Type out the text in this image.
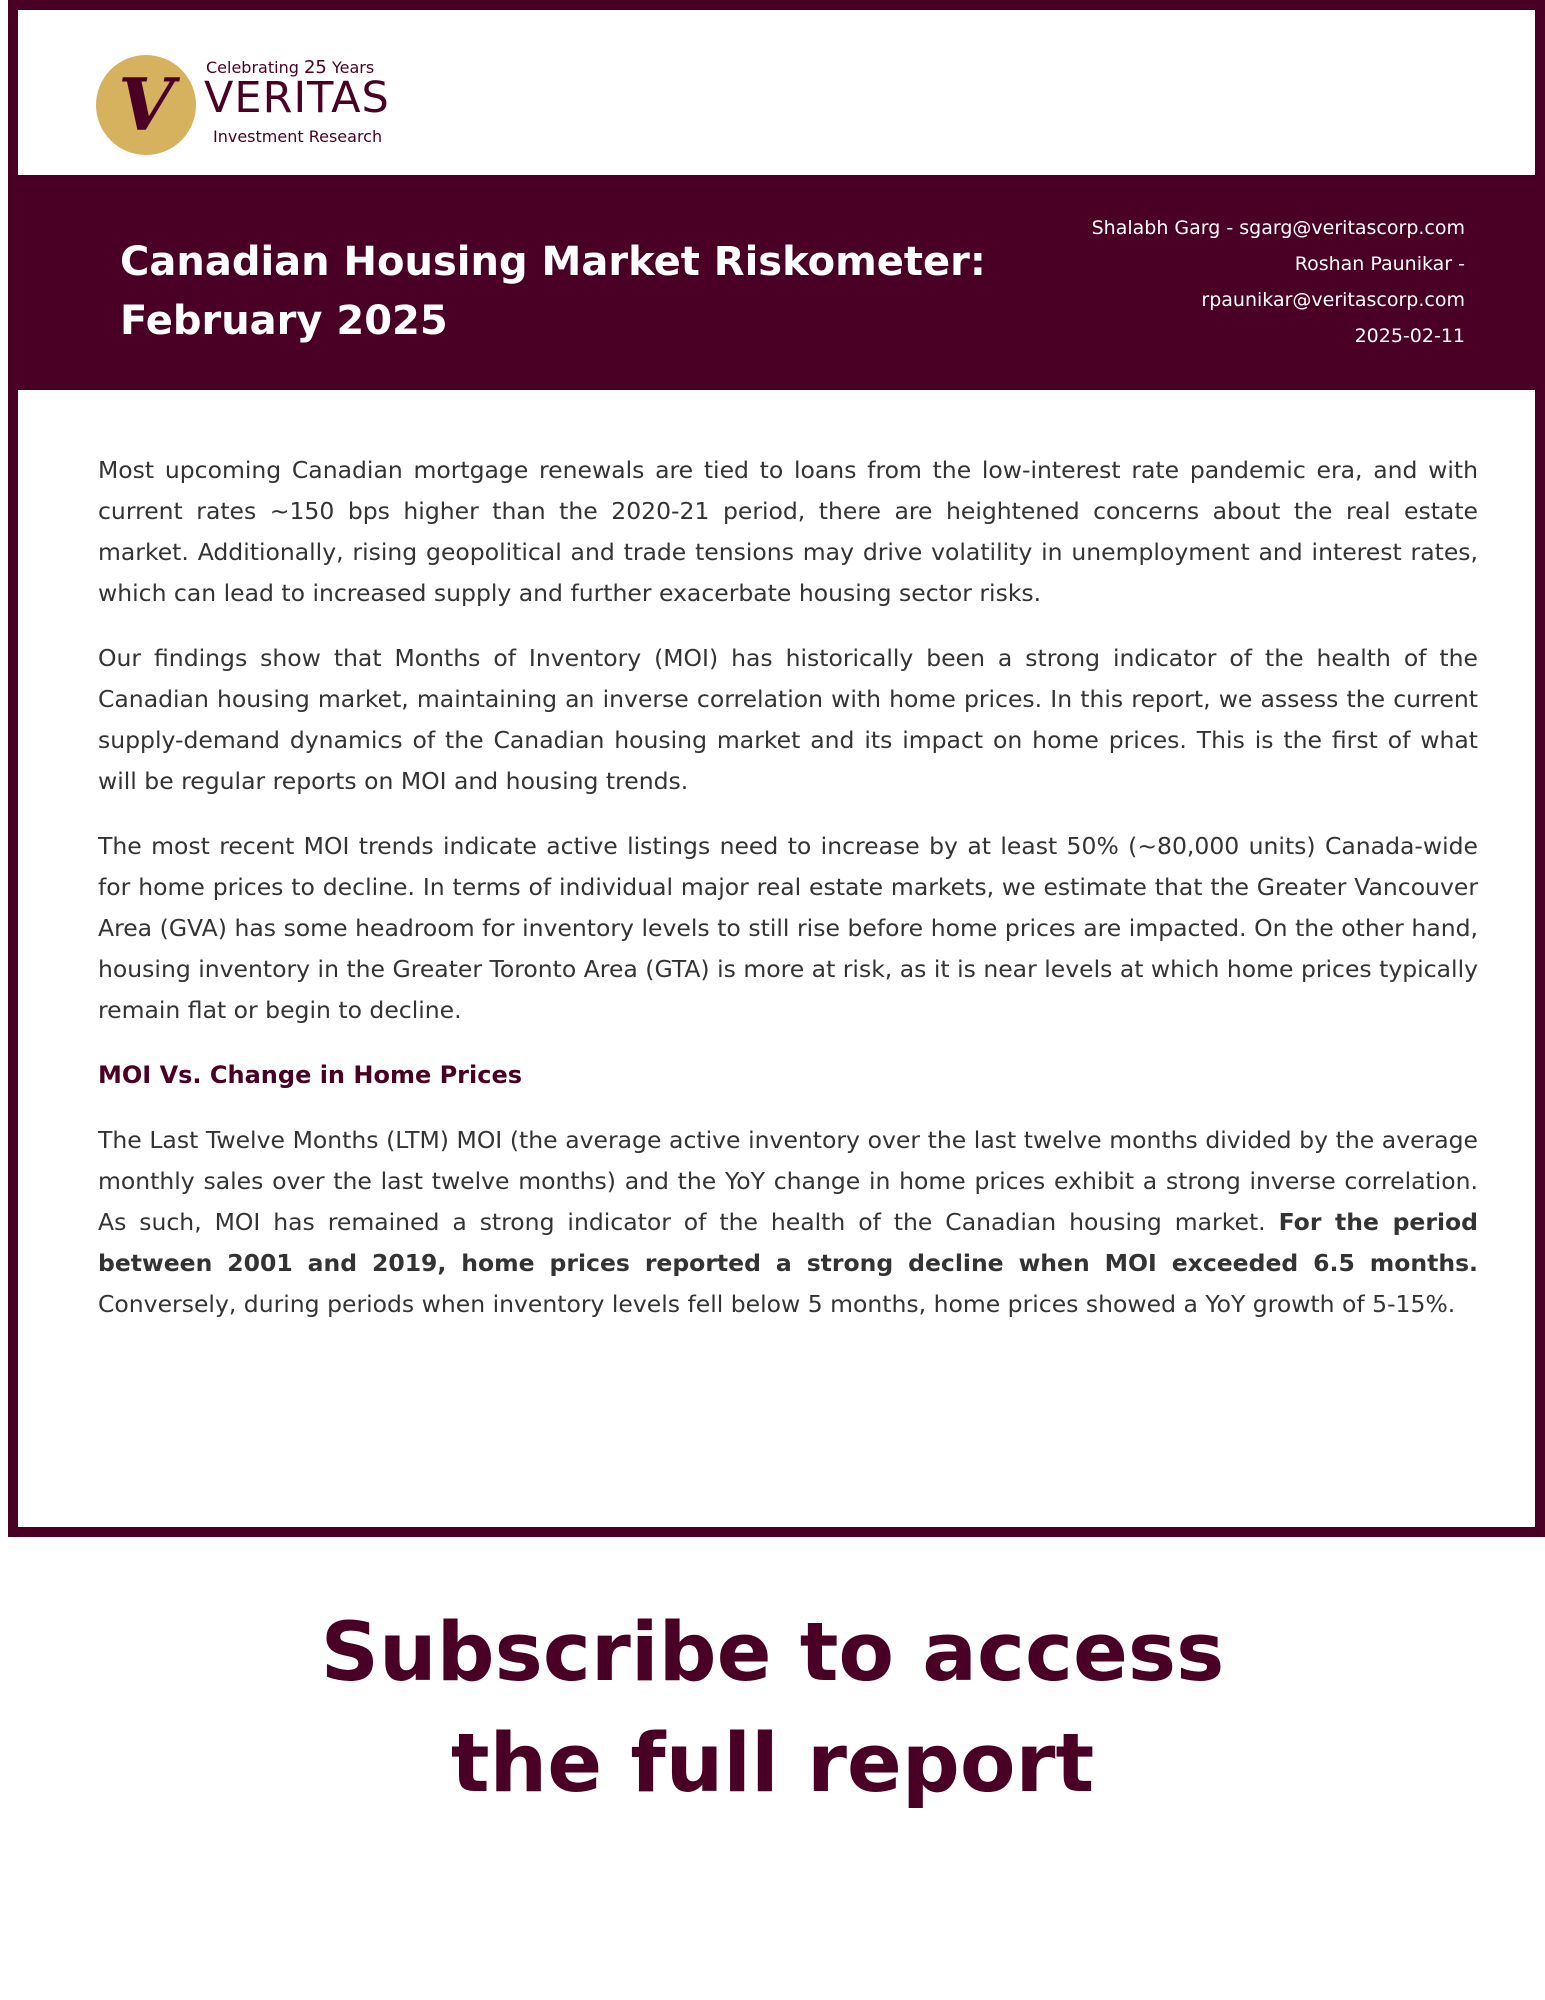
V	Celebrating 25 Years
VERITAS
Investment Research
Canadian Housing Market Riskometer: February 2025
Shalabh Garg - sgarg@veritascorp.com
Roshan Paunikar -
rpaunikar@veritascorp.com
2025-02-11

Most upcoming Canadian mortgage renewals are tied to loans from the low-interest rate pandemic era, and with current rates ~150 bps higher than the 2020-21 period, there are heightened concerns about the real estate market. Additionally, rising geopolitical and trade tensions may drive volatility in unemployment and interest rates, which can lead to increased supply and further exacerbate housing sector risks.

Our findings show that Months of Inventory (MOI) has historically been a strong indicator of the health of the Canadian housing market, maintaining an inverse correlation with home prices. In this report, we assess the current supply-demand dynamics of the Canadian housing market and its impact on home prices. This is the first of what will be regular reports on MOI and housing trends.

The most recent MOI trends indicate active listings need to increase by at least 50% (~80,000 units) Canada-wide for home prices to decline. In terms of individual major real estate markets, we estimate that the Greater Vancouver Area (GVA) has some headroom for inventory levels to still rise before home prices are impacted. On the other hand, housing inventory in the Greater Toronto Area (GTA) is more at risk, as it is near levels at which home prices typically remain flat or begin to decline.

MOI Vs. Change in Home Prices

The Last Twelve Months (LTM) MOI (the average active inventory over the last twelve months divided by the average monthly sales over the last twelve months) and the YoY change in home prices exhibit a strong inverse correlation. As such, MOI has remained a strong indicator of the health of the Canadian housing market. For the period between 2001 and 2019, home prices reported a strong decline when MOI exceeded 6.5 months. Conversely, during periods when inventory levels fell below 5 months, home prices showed a YoY growth of 5-15%.

Subscribe to access
the full report
